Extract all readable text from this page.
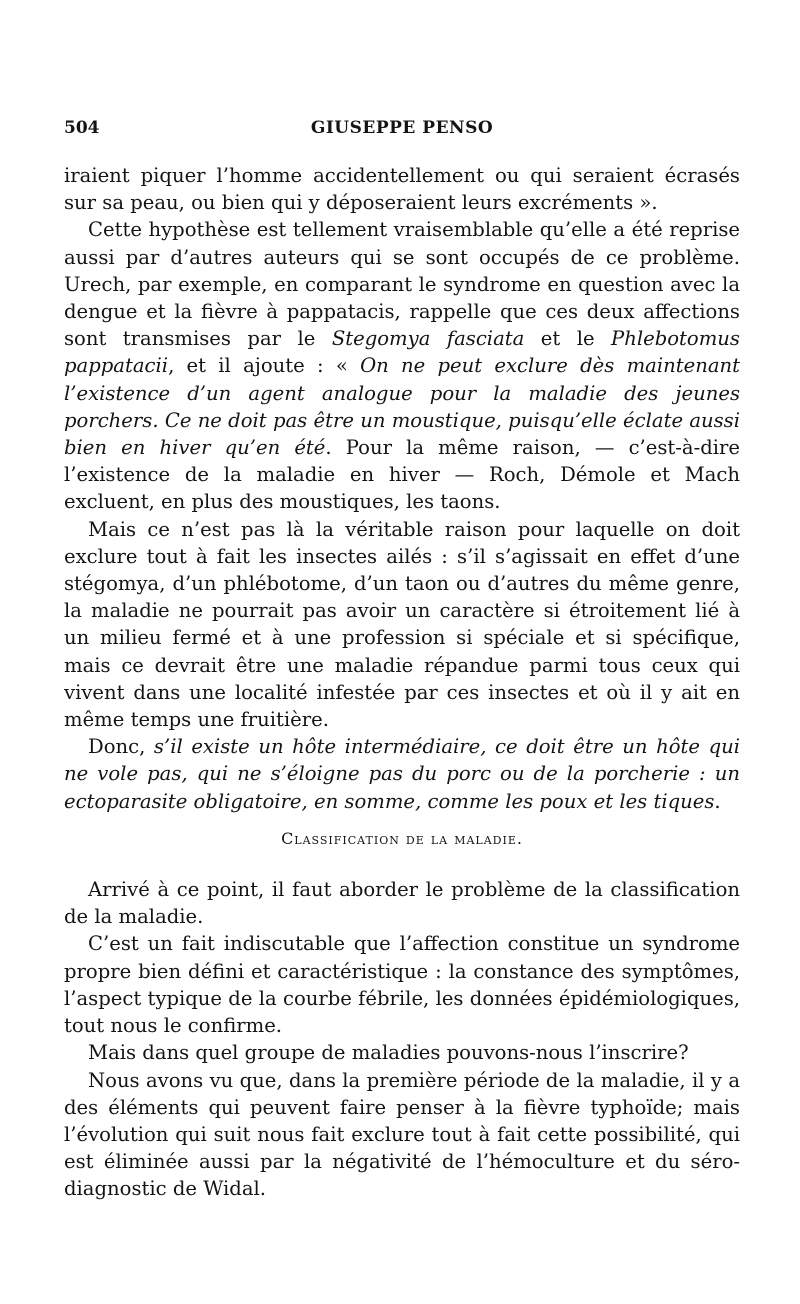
504	GIUSEPPE PENSO

iraient piquer l’homme accidentellement ou qui seraient écrasés sur sa peau, ou bien qui y déposeraient leurs excréments ».

Cette hypothèse est tellement vraisemblable qu’elle a été reprise aussi par d’autres auteurs qui se sont occupés de ce problème. Urech, par exemple, en comparant le syndrome en question avec la dengue et la fièvre à pappatacis, rappelle que ces deux affections sont transmises par le Stegomya fasciata et le Phlebotomus pappatacii, et il ajoute : « On ne peut exclure dès maintenant l’existence d’un agent analogue pour la maladie des jeunes porchers. Ce ne doit pas être un moustique, puisqu’elle éclate aussi bien en hiver qu’en été. Pour la même raison, — c’est-à-dire l’existence de la maladie en hiver — Roch, Démole et Mach excluent, en plus des moustiques, les taons.

Mais ce n’est pas là la véritable raison pour laquelle on doit exclure tout à fait les insectes ailés : s’il s’agissait en effet d’une stégomya, d’un phlébotome, d’un taon ou d’autres du même genre, la maladie ne pourrait pas avoir un caractère si étroitement lié à un milieu fermé et à une profession si spéciale et si spécifique, mais ce devrait être une maladie répandue parmi tous ceux qui vivent dans une localité infestée par ces insectes et où il y ait en même temps une fruitière.

Donc, s’il existe un hôte intermédiaire, ce doit être un hôte qui ne vole pas, qui ne s’éloigne pas du porc ou de la porcherie : un ectoparasite obligatoire, en somme, comme les poux et les tiques.

Classification de la maladie.

Arrivé à ce point, il faut aborder le problème de la classification de la maladie.

C’est un fait indiscutable que l’affection constitue un syndrome propre bien défini et caractéristique : la constance des symptômes, l’aspect typique de la courbe fébrile, les données épidémiologiques, tout nous le confirme.

Mais dans quel groupe de maladies pouvons-nous l’inscrire?

Nous avons vu que, dans la première période de la maladie, il y a des éléments qui peuvent faire penser à la fièvre typhoïde; mais l’évolution qui suit nous fait exclure tout à fait cette possibilité, qui est éliminée aussi par la négativité de l’hémoculture et du séro-diagnostic de Widal.
